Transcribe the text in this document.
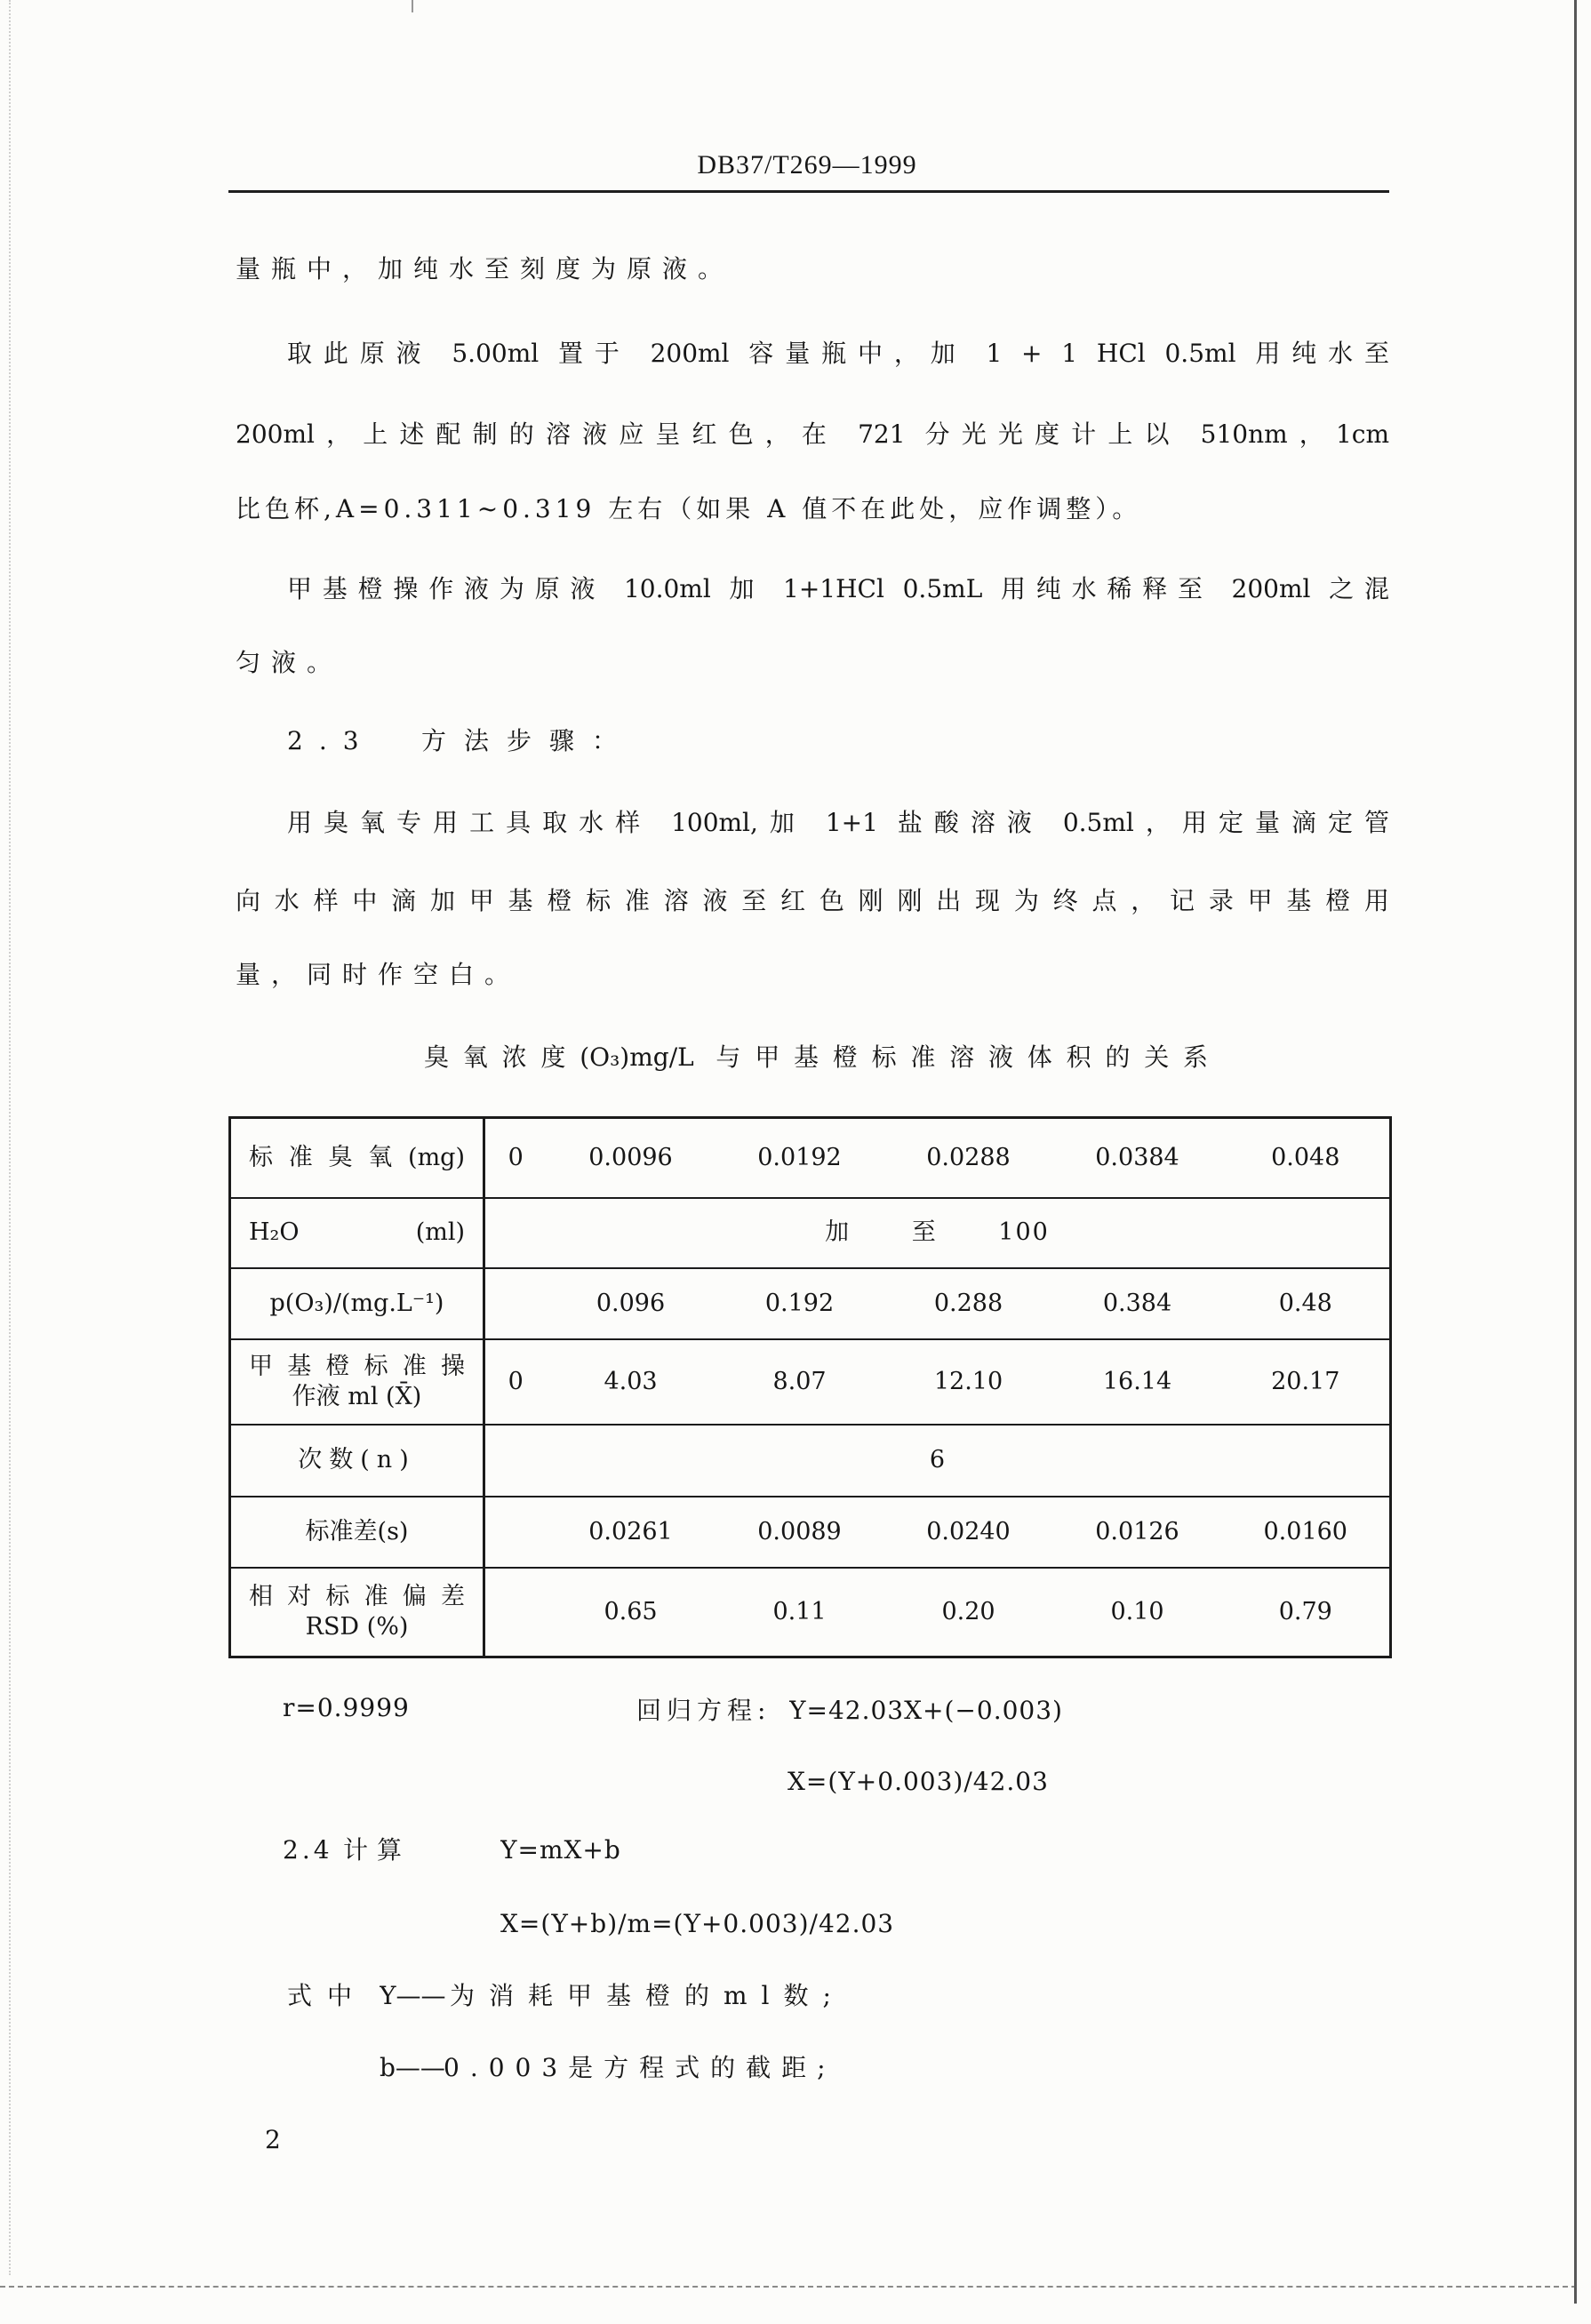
DB37/T269—1999
量瓶中，加纯水至刻度为原液。
取此原液 5.00ml 置于 200ml 容量瓶中，加 1 + 1 HCl 0.5ml 用纯水至
200ml，上述配制的溶液应呈红色，在 721 分光光度计上以 510nm，1cm
比色杯,A=0.311~0.319 左右（如果 A 值不在此处，应作调整）。
甲基橙操作液为原液 10.0ml 加 1+1HCl 0.5mL 用纯水稀释至 200ml 之混
匀液。
2.3	方法步骤：
用臭氧专用工具取水样 100ml,加 1+1 盐酸溶液 0.5ml，用定量滴定管
向水样中滴加甲基橙标准溶液至红色刚刚出现为终点，记录甲基橙用
量，同时作空白。
臭氧浓度(O₃)mg/L 与甲基橙标准溶液体积的关系
标准臭氧(mg)	0	0.0096	0.0192	0.0288	0.0384	0.048

H₂O (ml)	加 至 100					

p(O₃)/(mg.L⁻¹)		0.096	0.192	0.288	0.384	0.48

甲基橙标准操
作液 ml (X̄)	0	4.03	8.07	12.10	16.14	20.17

次数(n)	6					

标准差(s)		0.0261	0.0089	0.0240	0.0126	0.0160

相对标准偏差
RSD (%)		0.65	0.11	0.20	0.10	0.79
r=0.9999	回归方程: Y=42.03X+(−0.003)
X=(Y+0.003)/42.03
2.4 计算	Y=mX+b
X=(Y+b)/m=(Y+0.003)/42.03
式中 Y—— 为消耗甲基橙的ml数;
b——
0.003是方程式的截距;
2
